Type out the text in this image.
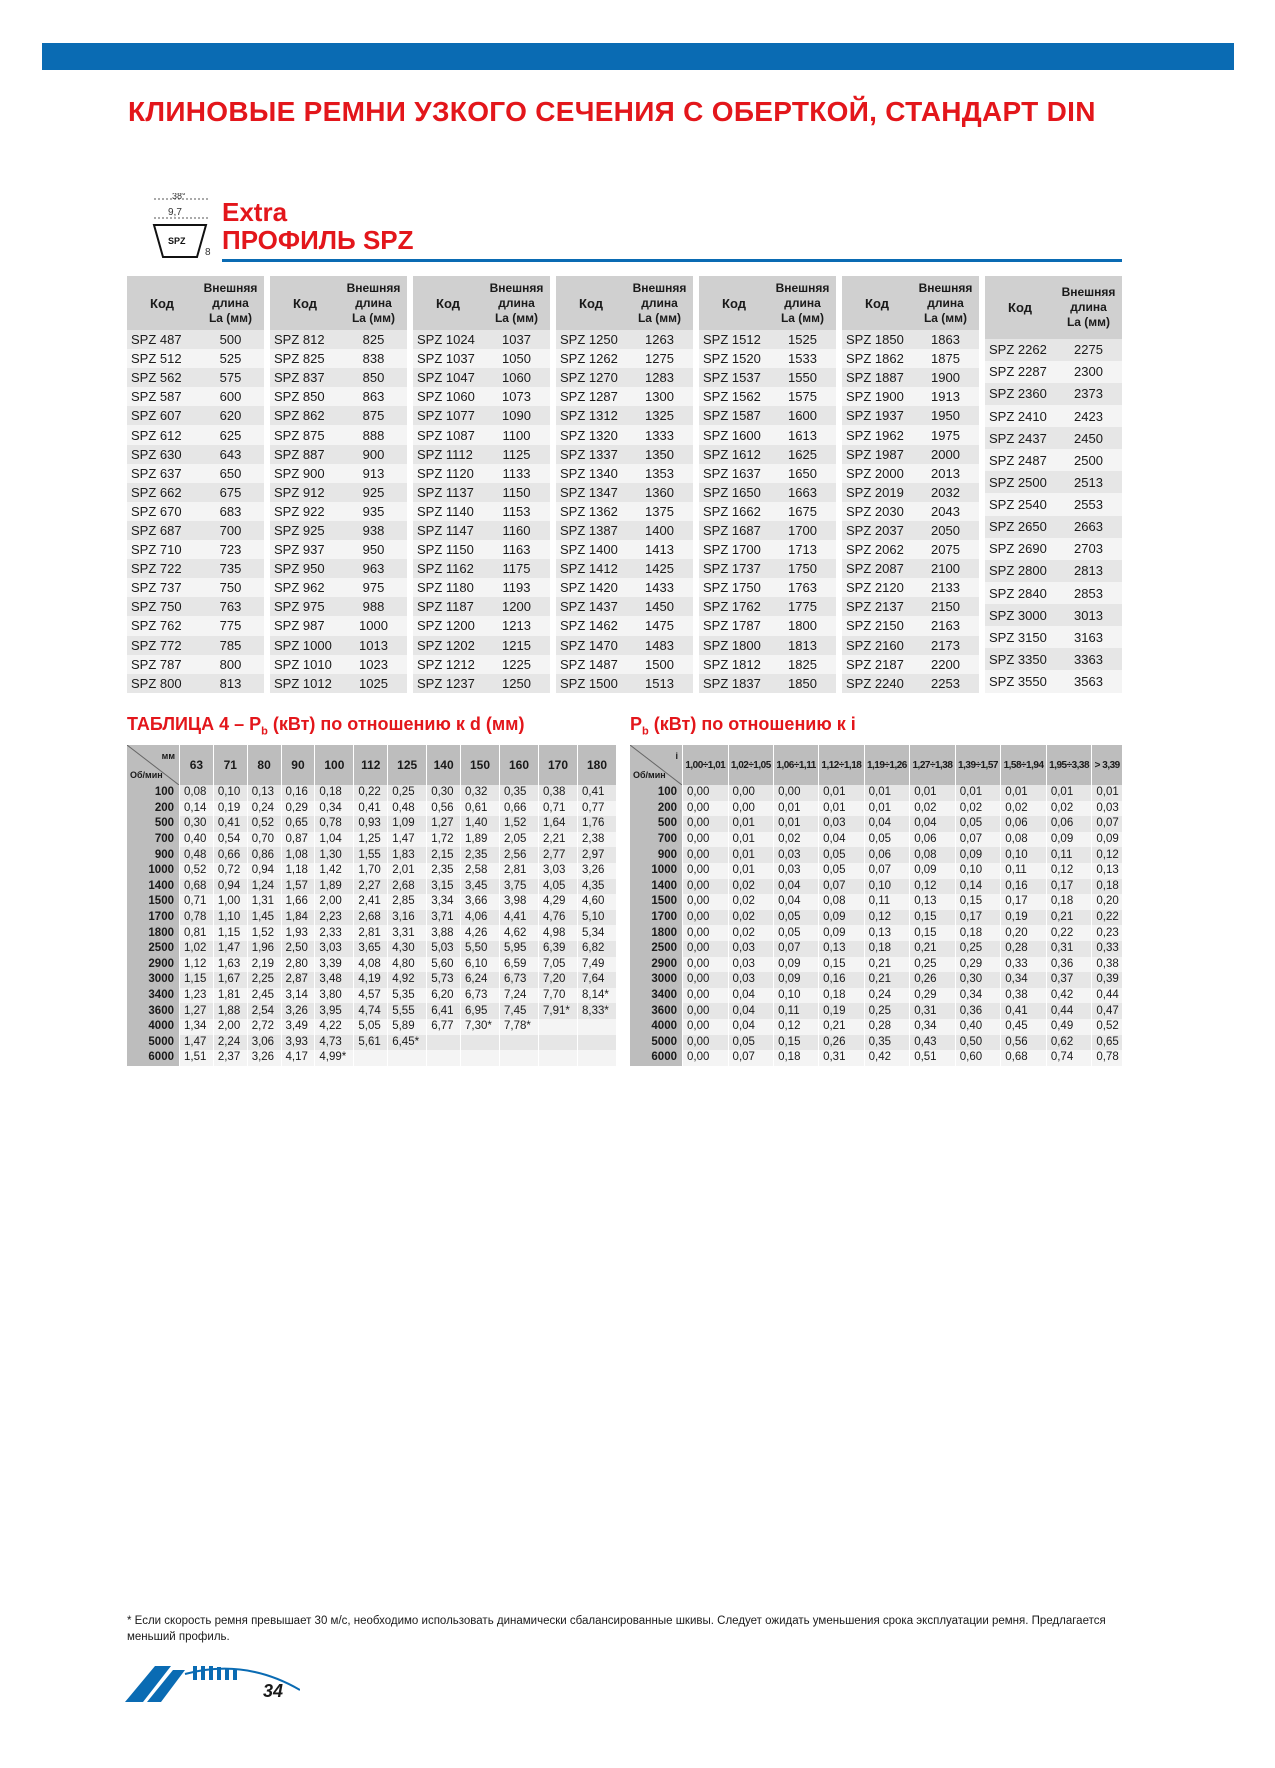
КЛИНОВЫЕ РЕМНИ УЗКОГО СЕЧЕНИЯ С ОБЕРТКОЙ, СТАНДАРТ DIN
38°
9,7
SPZ
8
Extra
ПРОФИЛЬ SPZ
Код	Внешняя
длина
La (мм)

SPZ 487	500
SPZ 512	525
SPZ 562	575
SPZ 587	600
SPZ 607	620
SPZ 612	625
SPZ 630	643
SPZ 637	650
SPZ 662	675
SPZ 670	683
SPZ 687	700
SPZ 710	723
SPZ 722	735
SPZ 737	750
SPZ 750	763
SPZ 762	775
SPZ 772	785
SPZ 787	800
SPZ 800	813
Код	Внешняя
длина
La (мм)

SPZ 812	825
SPZ 825	838
SPZ 837	850
SPZ 850	863
SPZ 862	875
SPZ 875	888
SPZ 887	900
SPZ 900	913
SPZ 912	925
SPZ 922	935
SPZ 925	938
SPZ 937	950
SPZ 950	963
SPZ 962	975
SPZ 975	988
SPZ 987	1000
SPZ 1000	1013
SPZ 1010	1023
SPZ 1012	1025
Код	Внешняя
длина
La (мм)

SPZ 1024	1037
SPZ 1037	1050
SPZ 1047	1060
SPZ 1060	1073
SPZ 1077	1090
SPZ 1087	1100
SPZ 1112	1125
SPZ 1120	1133
SPZ 1137	1150
SPZ 1140	1153
SPZ 1147	1160
SPZ 1150	1163
SPZ 1162	1175
SPZ 1180	1193
SPZ 1187	1200
SPZ 1200	1213
SPZ 1202	1215
SPZ 1212	1225
SPZ 1237	1250
Код	Внешняя
длина
La (мм)

SPZ 1250	1263
SPZ 1262	1275
SPZ 1270	1283
SPZ 1287	1300
SPZ 1312	1325
SPZ 1320	1333
SPZ 1337	1350
SPZ 1340	1353
SPZ 1347	1360
SPZ 1362	1375
SPZ 1387	1400
SPZ 1400	1413
SPZ 1412	1425
SPZ 1420	1433
SPZ 1437	1450
SPZ 1462	1475
SPZ 1470	1483
SPZ 1487	1500
SPZ 1500	1513
Код	Внешняя
длина
La (мм)

SPZ 1512	1525
SPZ 1520	1533
SPZ 1537	1550
SPZ 1562	1575
SPZ 1587	1600
SPZ 1600	1613
SPZ 1612	1625
SPZ 1637	1650
SPZ 1650	1663
SPZ 1662	1675
SPZ 1687	1700
SPZ 1700	1713
SPZ 1737	1750
SPZ 1750	1763
SPZ 1762	1775
SPZ 1787	1800
SPZ 1800	1813
SPZ 1812	1825
SPZ 1837	1850
Код	Внешняя
длина
La (мм)

SPZ 1850	1863
SPZ 1862	1875
SPZ 1887	1900
SPZ 1900	1913
SPZ 1937	1950
SPZ 1962	1975
SPZ 1987	2000
SPZ 2000	2013
SPZ 2019	2032
SPZ 2030	2043
SPZ 2037	2050
SPZ 2062	2075
SPZ 2087	2100
SPZ 2120	2133
SPZ 2137	2150
SPZ 2150	2163
SPZ 2160	2173
SPZ 2187	2200
SPZ 2240	2253
Код	Внешняя
длина
La (мм)

SPZ 2262	2275
SPZ 2287	2300
SPZ 2360	2373
SPZ 2410	2423
SPZ 2437	2450
SPZ 2487	2500
SPZ 2500	2513
SPZ 2540	2553
SPZ 2650	2663
SPZ 2690	2703
SPZ 2800	2813
SPZ 2840	2853
SPZ 3000	3013
SPZ 3150	3163
SPZ 3350	3363
SPZ 3550	3563
ТАБЛИЦА $4 - P_b$ (кВт) по отношению к d (мм)	$P_b$ (кВт) по отношению к i
мм
Об/мин	63	71	80	90	100	112	125	140	150	160	170	180
100	0,08	0,10	0,13	0,16	0,18	0,22	0,25	0,30	0,32	0,35	0,38	0,41
200	0,14	0,19	0,24	0,29	0,34	0,41	0,48	0,56	0,61	0,66	0,71	0,77
500	0,30	0,41	0,52	0,65	0,78	0,93	1,09	1,27	1,40	1,52	1,64	1,76
700	0,40	0,54	0,70	0,87	1,04	1,25	1,47	1,72	1,89	2,05	2,21	2,38
900	0,48	0,66	0,86	1,08	1,30	1,55	1,83	2,15	2,35	2,56	2,77	2,97
1000	0,52	0,72	0,94	1,18	1,42	1,70	2,01	2,35	2,58	2,81	3,03	3,26
1400	0,68	0,94	1,24	1,57	1,89	2,27	2,68	3,15	3,45	3,75	4,05	4,35
1500	0,71	1,00	1,31	1,66	2,00	2,41	2,85	3,34	3,66	3,98	4,29	4,60
1700	0,78	1,10	1,45	1,84	2,23	2,68	3,16	3,71	4,06	4,41	4,76	5,10
1800	0,81	1,15	1,52	1,93	2,33	2,81	3,31	3,88	4,26	4,62	4,98	5,34
2500	1,02	1,47	1,96	2,50	3,03	3,65	4,30	5,03	5,50	5,95	6,39	6,82
2900	1,12	1,63	2,19	2,80	3,39	4,08	4,80	5,60	6,10	6,59	7,05	7,49
3000	1,15	1,67	2,25	2,87	3,48	4,19	4,92	5,73	6,24	6,73	7,20	7,64
3400	1,23	1,81	2,45	3,14	3,80	4,57	5,35	6,20	6,73	7,24	7,70	8,14*
3600	1,27	1,88	2,54	3,26	3,95	4,74	5,55	6,41	6,95	7,45	7,91*	8,33*
4000	1,34	2,00	2,72	3,49	4,22	5,05	5,89	6,77	7,30*	7,78*		
5000	1,47	2,24	3,06	3,93	4,73	5,61	6,45*					
6000	1,51	2,37	3,26	4,17	4,99*							
i
Об/мин	1,00÷1,01	1,02÷1,05	1,06÷1,11	1,12÷1,18	1,19÷1,26	1,27÷1,38	1,39÷1,57	1,58÷1,94	1,95÷3,38	> 3,39
100	0,00	0,00	0,00	0,01	0,01	0,01	0,01	0,01	0,01	0,01
200	0,00	0,00	0,01	0,01	0,01	0,02	0,02	0,02	0,02	0,03
500	0,00	0,01	0,01	0,03	0,04	0,04	0,05	0,06	0,06	0,07
700	0,00	0,01	0,02	0,04	0,05	0,06	0,07	0,08	0,09	0,09
900	0,00	0,01	0,03	0,05	0,06	0,08	0,09	0,10	0,11	0,12
1000	0,00	0,01	0,03	0,05	0,07	0,09	0,10	0,11	0,12	0,13
1400	0,00	0,02	0,04	0,07	0,10	0,12	0,14	0,16	0,17	0,18
1500	0,00	0,02	0,04	0,08	0,11	0,13	0,15	0,17	0,18	0,20
1700	0,00	0,02	0,05	0,09	0,12	0,15	0,17	0,19	0,21	0,22
1800	0,00	0,02	0,05	0,09	0,13	0,15	0,18	0,20	0,22	0,23
2500	0,00	0,03	0,07	0,13	0,18	0,21	0,25	0,28	0,31	0,33
2900	0,00	0,03	0,09	0,15	0,21	0,25	0,29	0,33	0,36	0,38
3000	0,00	0,03	0,09	0,16	0,21	0,26	0,30	0,34	0,37	0,39
3400	0,00	0,04	0,10	0,18	0,24	0,29	0,34	0,38	0,42	0,44
3600	0,00	0,04	0,11	0,19	0,25	0,31	0,36	0,41	0,44	0,47
4000	0,00	0,04	0,12	0,21	0,28	0,34	0,40	0,45	0,49	0,52
5000	0,00	0,05	0,15	0,26	0,35	0,43	0,50	0,56	0,62	0,65
6000	0,00	0,07	0,18	0,31	0,42	0,51	0,60	0,68	0,74	0,78
* Если скорость ремня превышает 30 м/с, необходимо использовать динамически сбалансированные шкивы. Следует ожидать уменьшения срока эксплуатации ремня. Предлагается меньший профиль.
34
